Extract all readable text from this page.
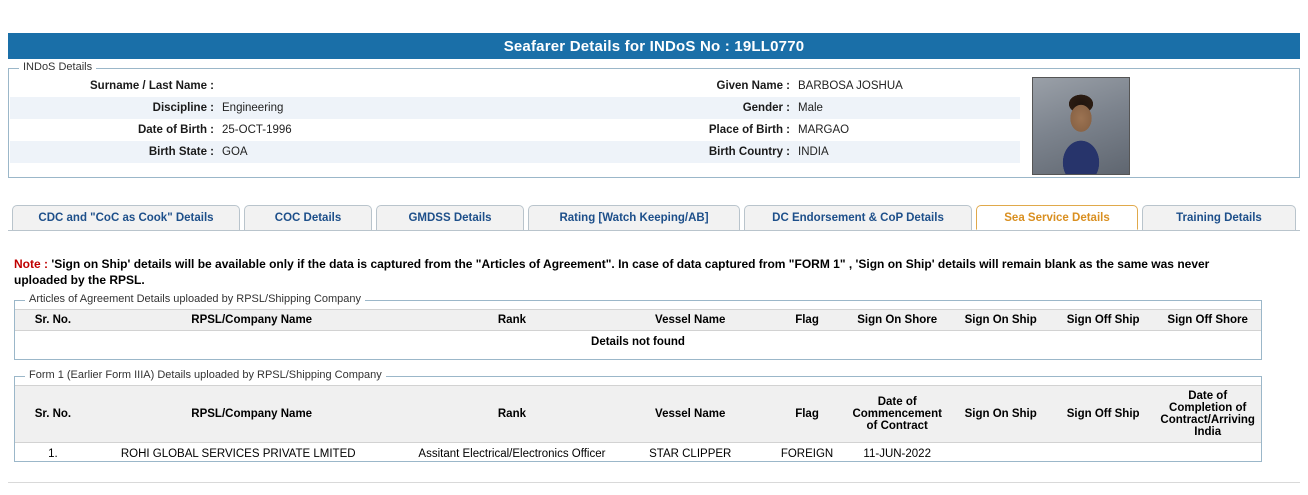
Seafarer Details for INDoS No : 19LL0770
INDoS Details
Surname / Last Name :		Given Name :	BARBOSA JOSHUA
Discipline :	Engineering	Gender :	Male
Date of Birth :	25-OCT-1996	Place of Birth :	MARGAO
Birth State :	GOA	Birth Country :	INDIA
CDC and "CoC as Cook" Details	COC Details	GMDSS Details	Rating [Watch Keeping/AB]	DC Endorsement & CoP Details	Sea Service Details	Training Details
Note : 'Sign on Ship' details will be available only if the data is captured from the "Articles of Agreement". In case of data captured from "FORM 1" , 'Sign on Ship' details will remain blank as the same was never uploaded by the RPSL.
Articles of Agreement Details uploaded by RPSL/Shipping Company
Sr. No.	RPSL/Company Name	Rank	Vessel Name	Flag	Sign On Shore	Sign On Ship	Sign Off Ship	Sign Off Shore
Details not found
Form 1 (Earlier Form IIIA) Details uploaded by RPSL/Shipping Company
Sr. No.	RPSL/Company Name	Rank	Vessel Name	Flag	Date of Commencement of Contract	Sign On Ship	Sign Off Ship	Date of Completion of Contract/Arriving India
1.	ROHI GLOBAL SERVICES PRIVATE LMITED	Assitant Electrical/Electronics Officer	STAR CLIPPER	FOREIGN	11-JUN-2022			
